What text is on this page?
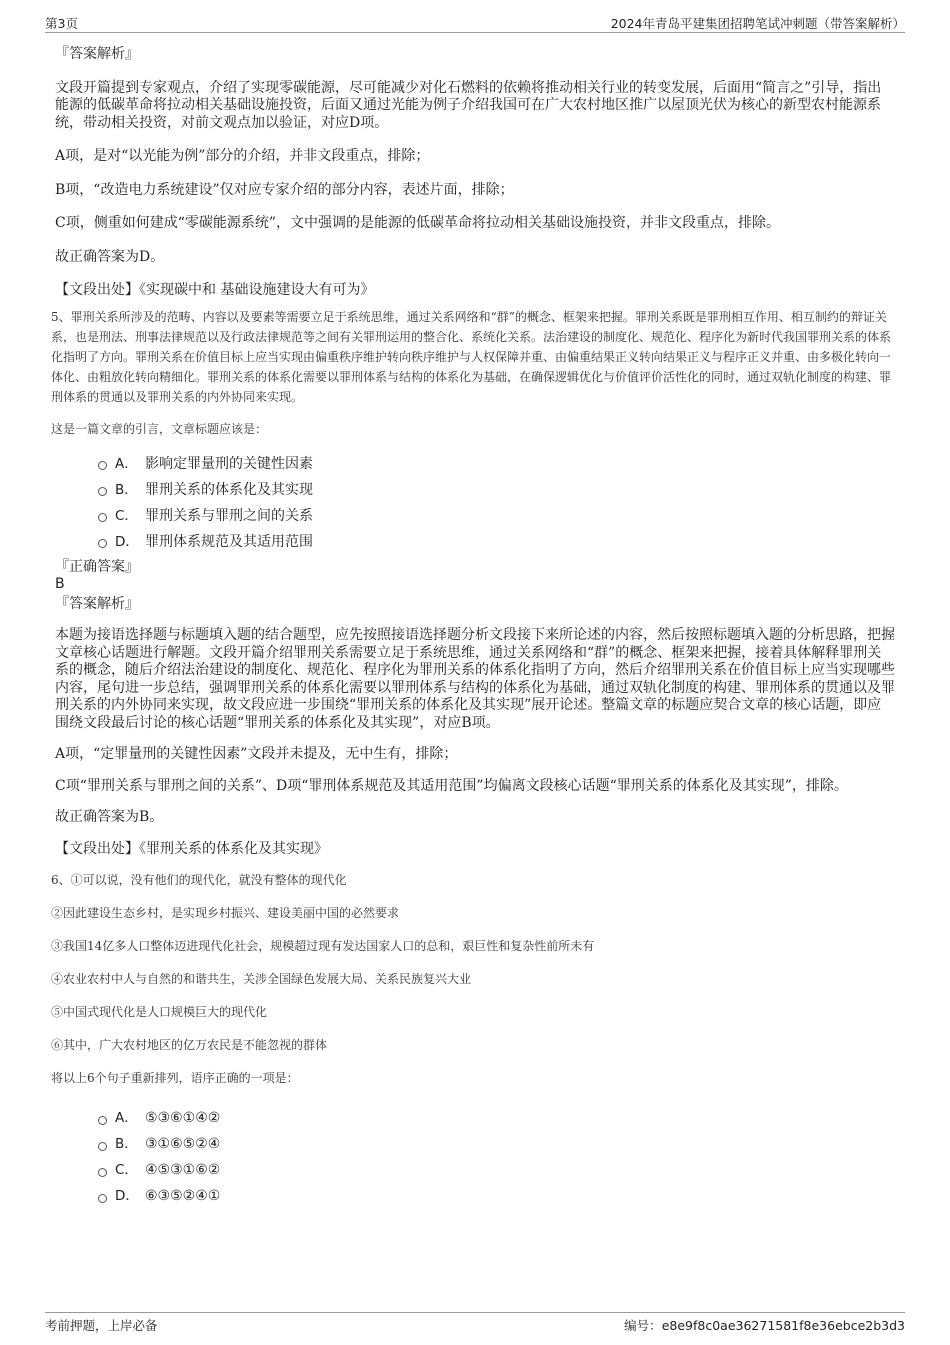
第3页	2024年青岛平建集团招聘笔试冲刺题（带答案解析）

『答案解析』

文段开篇提到专家观点，介绍了实现零碳能源，尽可能减少对化石燃料的依赖将推动相关行业的转变发展，后面用“简言之”引导，指出能源的低碳革命将拉动相关基础设施投资，后面又通过光能为例子介绍我国可在广大农村地区推广以屋顶光伏为核心的新型农村能源系统，带动相关投资，对前文观点加以验证，对应D项。

A项，是对“以光能为例”部分的介绍，并非文段重点，排除；

B项，“改造电力系统建设”仅对应专家介绍的部分内容，表述片面，排除；

C项，侧重如何建成“零碳能源系统”，文中强调的是能源的低碳革命将拉动相关基础设施投资，并非文段重点，排除。

故正确答案为D。

【文段出处】《实现碳中和 基础设施建设大有可为》

5、罪刑关系所涉及的范畴、内容以及要素等需要立足于系统思维，通过关系网络和“群”的概念、框架来把握。罪刑关系既是罪刑相互作用、相互制约的辩证关系，也是刑法、刑事法律规范以及行政法律规范等之间有关罪刑运用的整合化、系统化关系。法治建设的制度化、规范化、程序化为新时代我国罪刑关系的体系化指明了方向。罪刑关系在价值目标上应当实现由偏重秩序维护转向秩序维护与人权保障并重、由偏重结果正义转向结果正义与程序正义并重、由多极化转向一体化、由粗放化转向精细化。罪刑关系的体系化需要以罪刑体系与结构的体系化为基础，在确保逻辑优化与价值评价活性化的同时，通过双轨化制度的构建、罪刑体系的贯通以及罪刑关系的内外协同来实现。

这是一篇文章的引言，文章标题应该是：

A． 影响定罪量刑的关键性因素
B． 罪刑关系的体系化及其实现
C． 罪刑关系与罪刑之间的关系
D． 罪刑体系规范及其适用范围

『正确答案』

B

『答案解析』

本题为接语选择题与标题填入题的结合题型，应先按照接语选择题分析文段接下来所论述的内容，然后按照标题填入题的分析思路，把握文章核心话题进行解题。文段开篇介绍罪刑关系需要立足于系统思维，通过关系网络和“群”的概念、框架来把握，接着具体解释罪刑关系的概念，随后介绍法治建设的制度化、规范化、程序化为罪刑关系的体系化指明了方向，然后介绍罪刑关系在价值目标上应当实现哪些内容，尾句进一步总结，强调罪刑关系的体系化需要以罪刑体系与结构的体系化为基础，通过双轨化制度的构建、罪刑体系的贯通以及罪刑关系的内外协同来实现，故文段应进一步围绕“罪刑关系的体系化及其实现”展开论述。整篇文章的标题应契合文章的核心话题，即应围绕文段最后讨论的核心话题“罪刑关系的体系化及其实现”，对应B项。

A项，“定罪量刑的关键性因素”文段并未提及，无中生有，排除；

C项“罪刑关系与罪刑之间的关系”、D项“罪刑体系规范及其适用范围”均偏离文段核心话题“罪刑关系的体系化及其实现”，排除。

故正确答案为B。

【文段出处】《罪刑关系的体系化及其实现》

6、①可以说，没有他们的现代化，就没有整体的现代化

②因此建设生态乡村，是实现乡村振兴、建设美丽中国的必然要求

③我国14亿多人口整体迈进现代化社会，规模超过现有发达国家人口的总和，艰巨性和复杂性前所未有

④农业农村中人与自然的和谐共生，关涉全国绿色发展大局、关系民族复兴大业

⑤中国式现代化是人口规模巨大的现代化

⑥其中，广大农村地区的亿万农民是不能忽视的群体

将以上6个句子重新排列，语序正确的一项是：

A． ⑤③⑥①④②
B． ③①⑥⑤②④
C． ④⑤③①⑥②
D． ⑥③⑤②④①
考前押题，上岸必备	编号：e8e9f8c0ae36271581f8e36ebce2b3d3
